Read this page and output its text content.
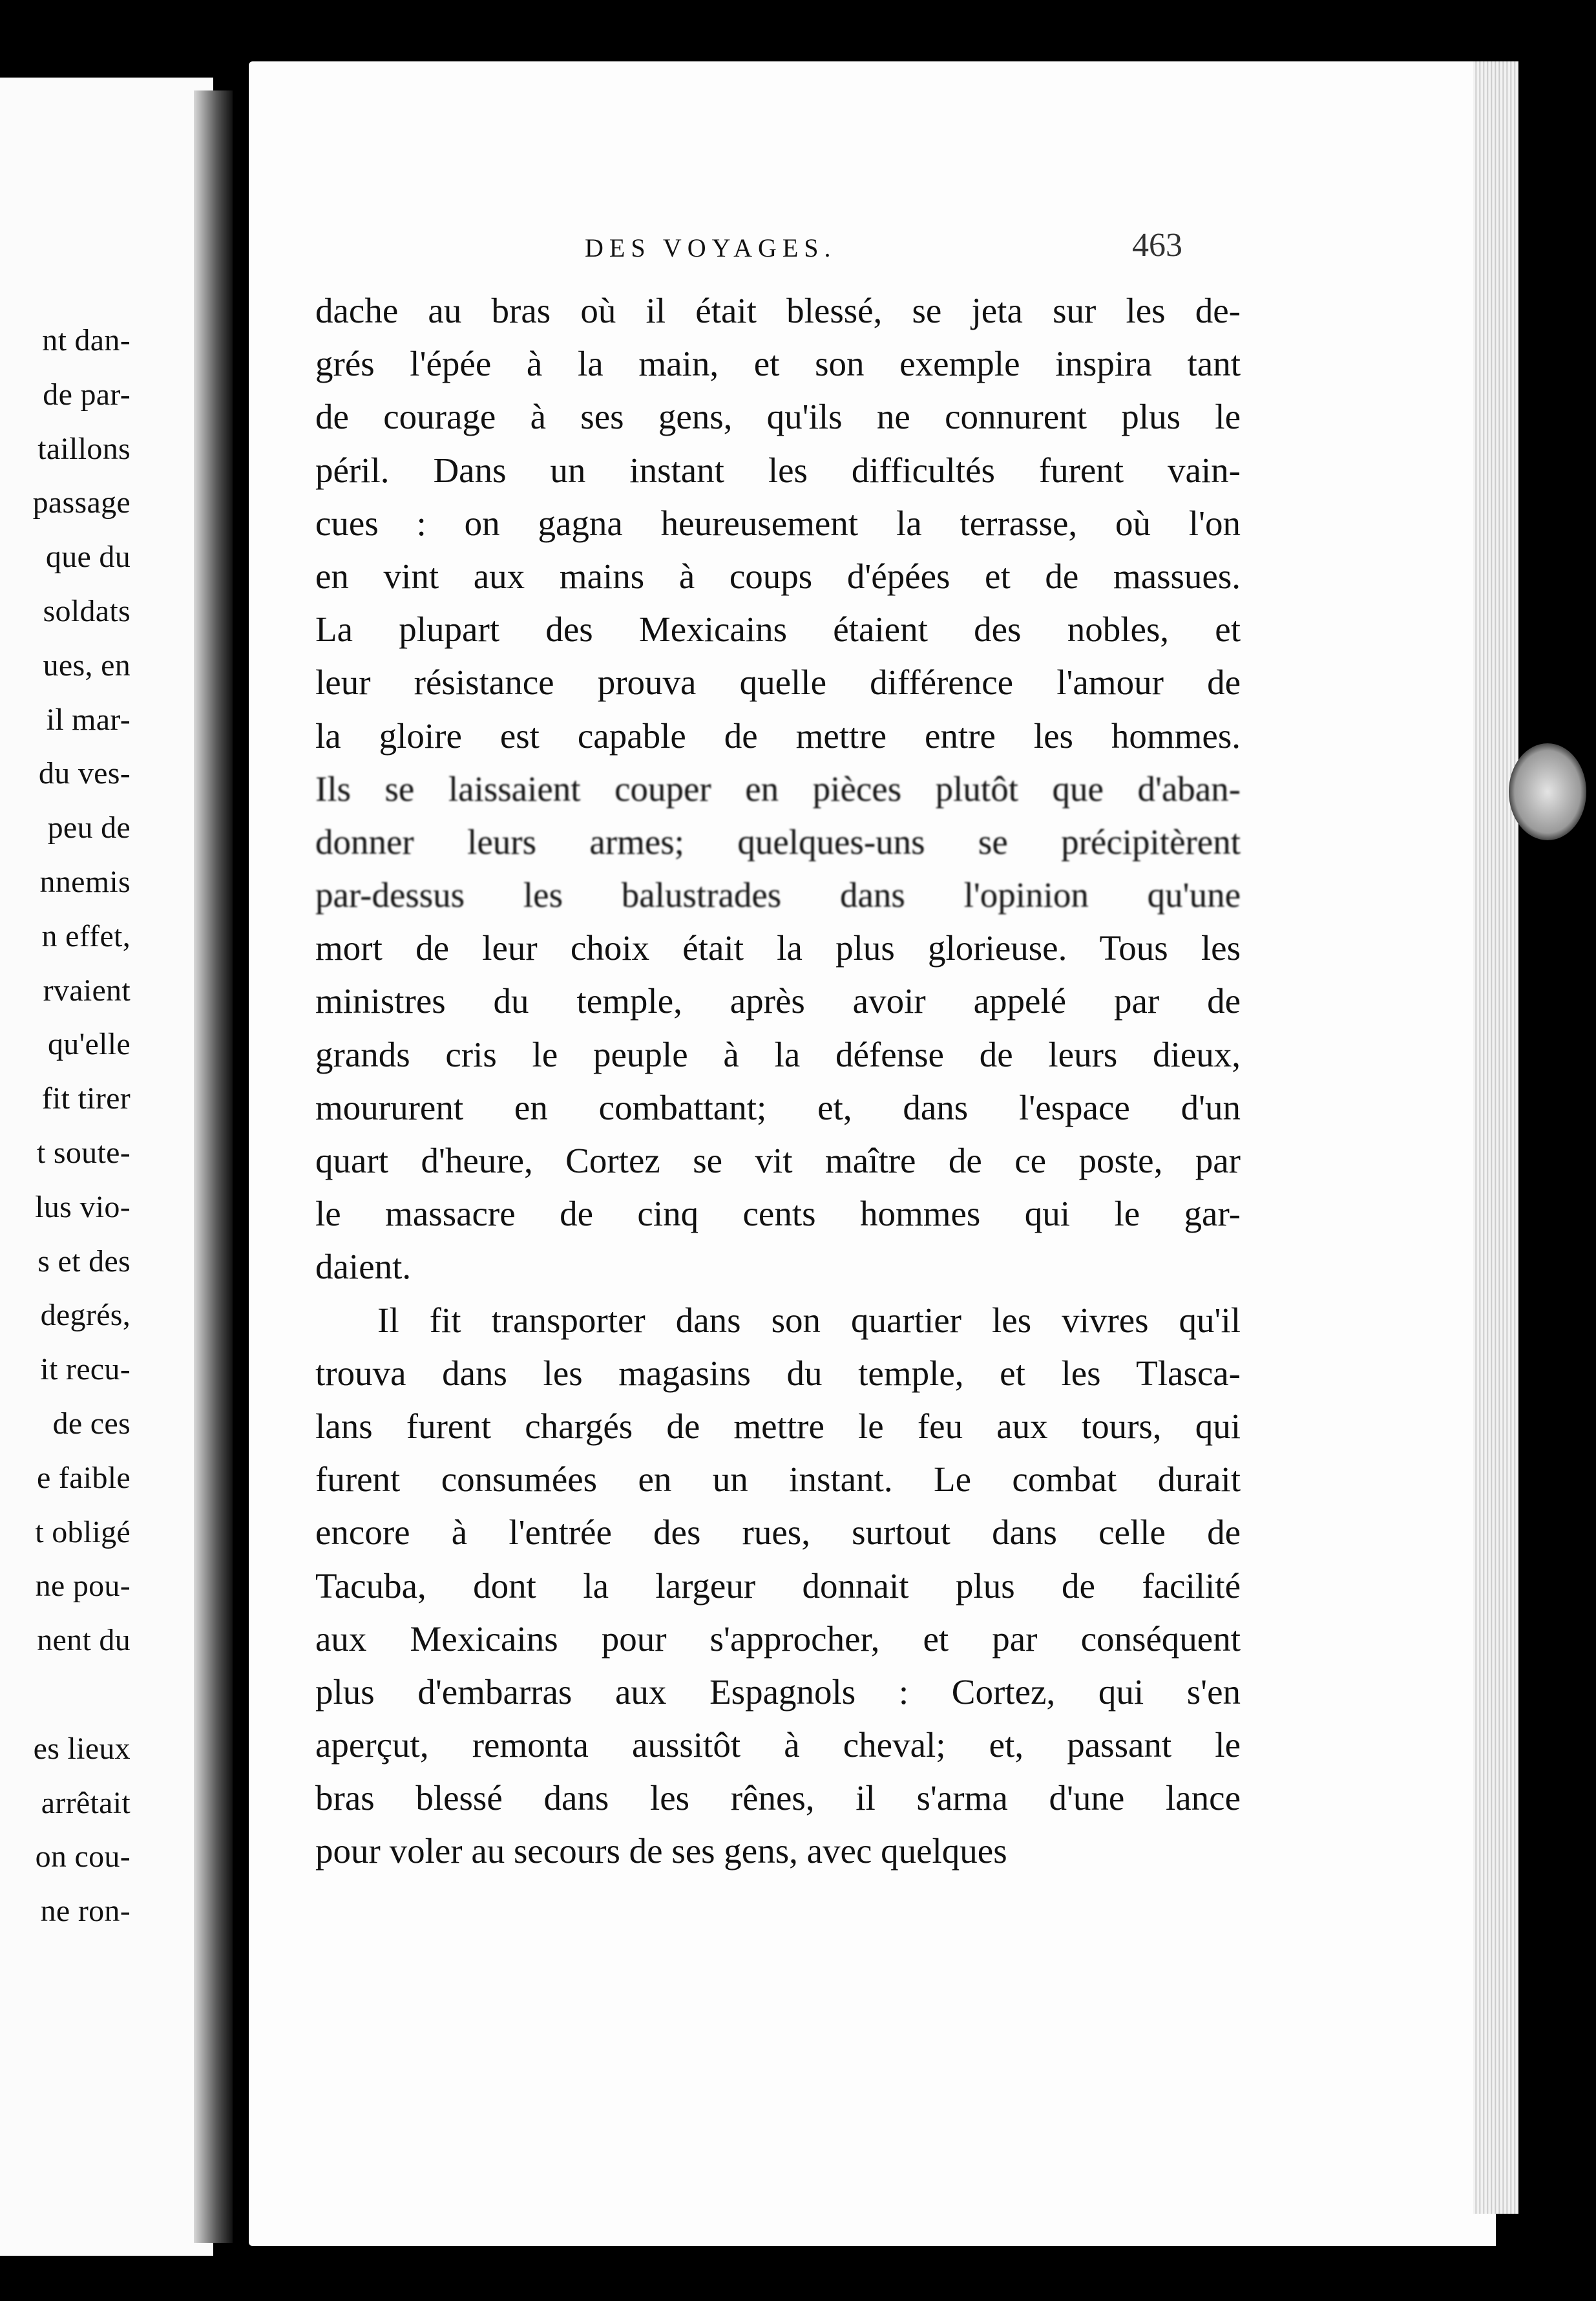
nt dan-
de par-
taillons
passage
que du
soldats
ues, en
il mar-
du ves-
peu de
nnemis
n effet,
rvaient
qu'elle
fit tirer
t soute-
lus vio-
s et des
degrés,
it recu-
de ces
e faible
t obligé
ne pou-
nent du
es lieux
arrêtait
on cou-
ne ron-
DES VOYAGES.	463
dache au bras où il était blessé, se jeta sur les de-
grés l'épée à la main, et son exemple inspira tant
de courage à ses gens, qu'ils ne connurent plus le
péril. Dans un instant les difficultés furent vain-
cues : on gagna heureusement la terrasse, où l'on
en vint aux mains à coups d'épées et de massues.
La plupart des Mexicains étaient des nobles, et
leur résistance prouva quelle différence l'amour de
la gloire est capable de mettre entre les hommes.
Ils se laissaient couper en pièces plutôt que d'aban-
donner leurs armes; quelques-uns se précipitèrent
par-dessus les balustrades dans l'opinion qu'une
mort de leur choix était la plus glorieuse. Tous les
ministres du temple, après avoir appelé par de
grands cris le peuple à la défense de leurs dieux,
moururent en combattant; et, dans l'espace d'un
quart d'heure, Cortez se vit maître de ce poste, par
le massacre de cinq cents hommes qui le gar-
daient.
Il fit transporter dans son quartier les vivres qu'il
trouva dans les magasins du temple, et les Tlasca-
lans furent chargés de mettre le feu aux tours, qui
furent consumées en un instant. Le combat durait
encore à l'entrée des rues, surtout dans celle de
Tacuba, dont la largeur donnait plus de facilité
aux Mexicains pour s'approcher, et par conséquent
plus d'embarras aux Espagnols : Cortez, qui s'en
aperçut, remonta aussitôt à cheval; et, passant le
bras blessé dans les rênes, il s'arma d'une lance
pour voler au secours de ses gens, avec quelques
